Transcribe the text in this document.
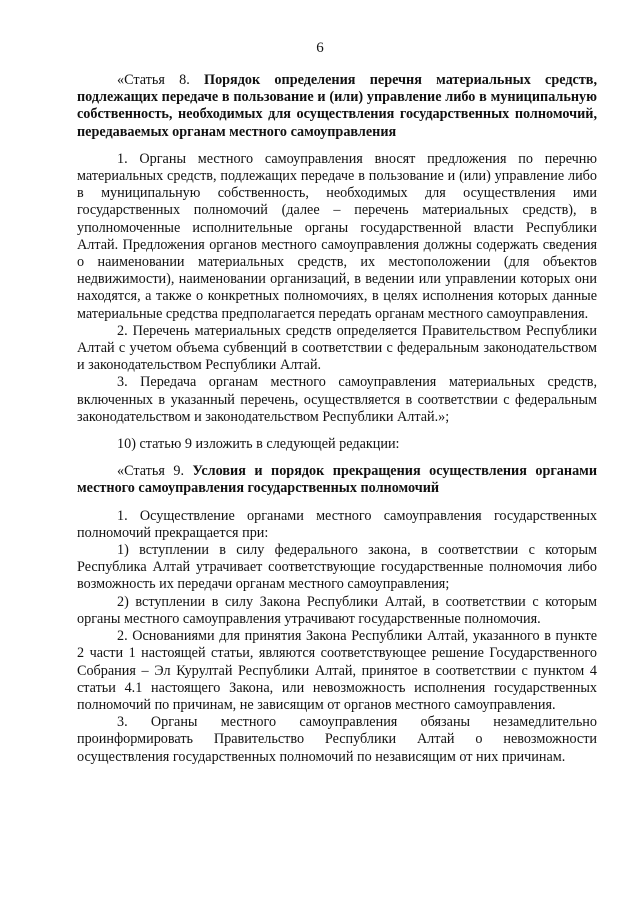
6

«Статья 8. Порядок определения перечня материальных средств, подлежащих передаче в пользование и (или) управление либо в муниципальную собственность, необходимых для осуществления государственных полномочий, передаваемых органам местного самоуправления

1. Органы местного самоуправления вносят предложения по перечню материальных средств, подлежащих передаче в пользование и (или) управление либо в муниципальную собственность, необходимых для осуществления ими государственных полномочий (далее – перечень материальных средств), в уполномоченные исполнительные органы государственной власти Республики Алтай. Предложения органов местного самоуправления должны содержать сведения о наименовании материальных средств, их местоположении (для объектов недвижимости), наименовании организаций, в ведении или управлении которых они находятся, а также о конкретных полномочиях, в целях исполнения которых данные материальные средства предполагается передать органам местного самоуправления.

2. Перечень материальных средств определяется Правительством Республики Алтай с учетом объема субвенций в соответствии с федеральным законодательством и законодательством Республики Алтай.

3. Передача органам местного самоуправления материальных средств, включенных в указанный перечень, осуществляется в соответствии с федеральным законодательством и законодательством Республики Алтай.»;

10) статью 9 изложить в следующей редакции:

«Статья 9. Условия и порядок прекращения осуществления органами местного самоуправления государственных полномочий

1. Осуществление органами местного самоуправления государственных полномочий прекращается при:

1) вступлении в силу федерального закона, в соответствии с которым Республика Алтай утрачивает соответствующие государственные полномочия либо возможность их передачи органам местного самоуправления;

2) вступлении в силу Закона Республики Алтай, в соответствии с которым органы местного самоуправления утрачивают государственные полномочия.

2. Основаниями для принятия Закона Республики Алтай, указанного в пункте 2 части 1 настоящей статьи, являются соответствующее решение Государственного Собрания – Эл Курултай Республики Алтай, принятое в соответствии с пунктом 4 статьи 4.1 настоящего Закона, или невозможность исполнения государственных полномочий по причинам, не зависящим от органов местного самоуправления.

3. Органы местного самоуправления обязаны незамедлительно проинформировать Правительство Республики Алтай о невозможности осуществления государственных полномочий по независящим от них причинам.
